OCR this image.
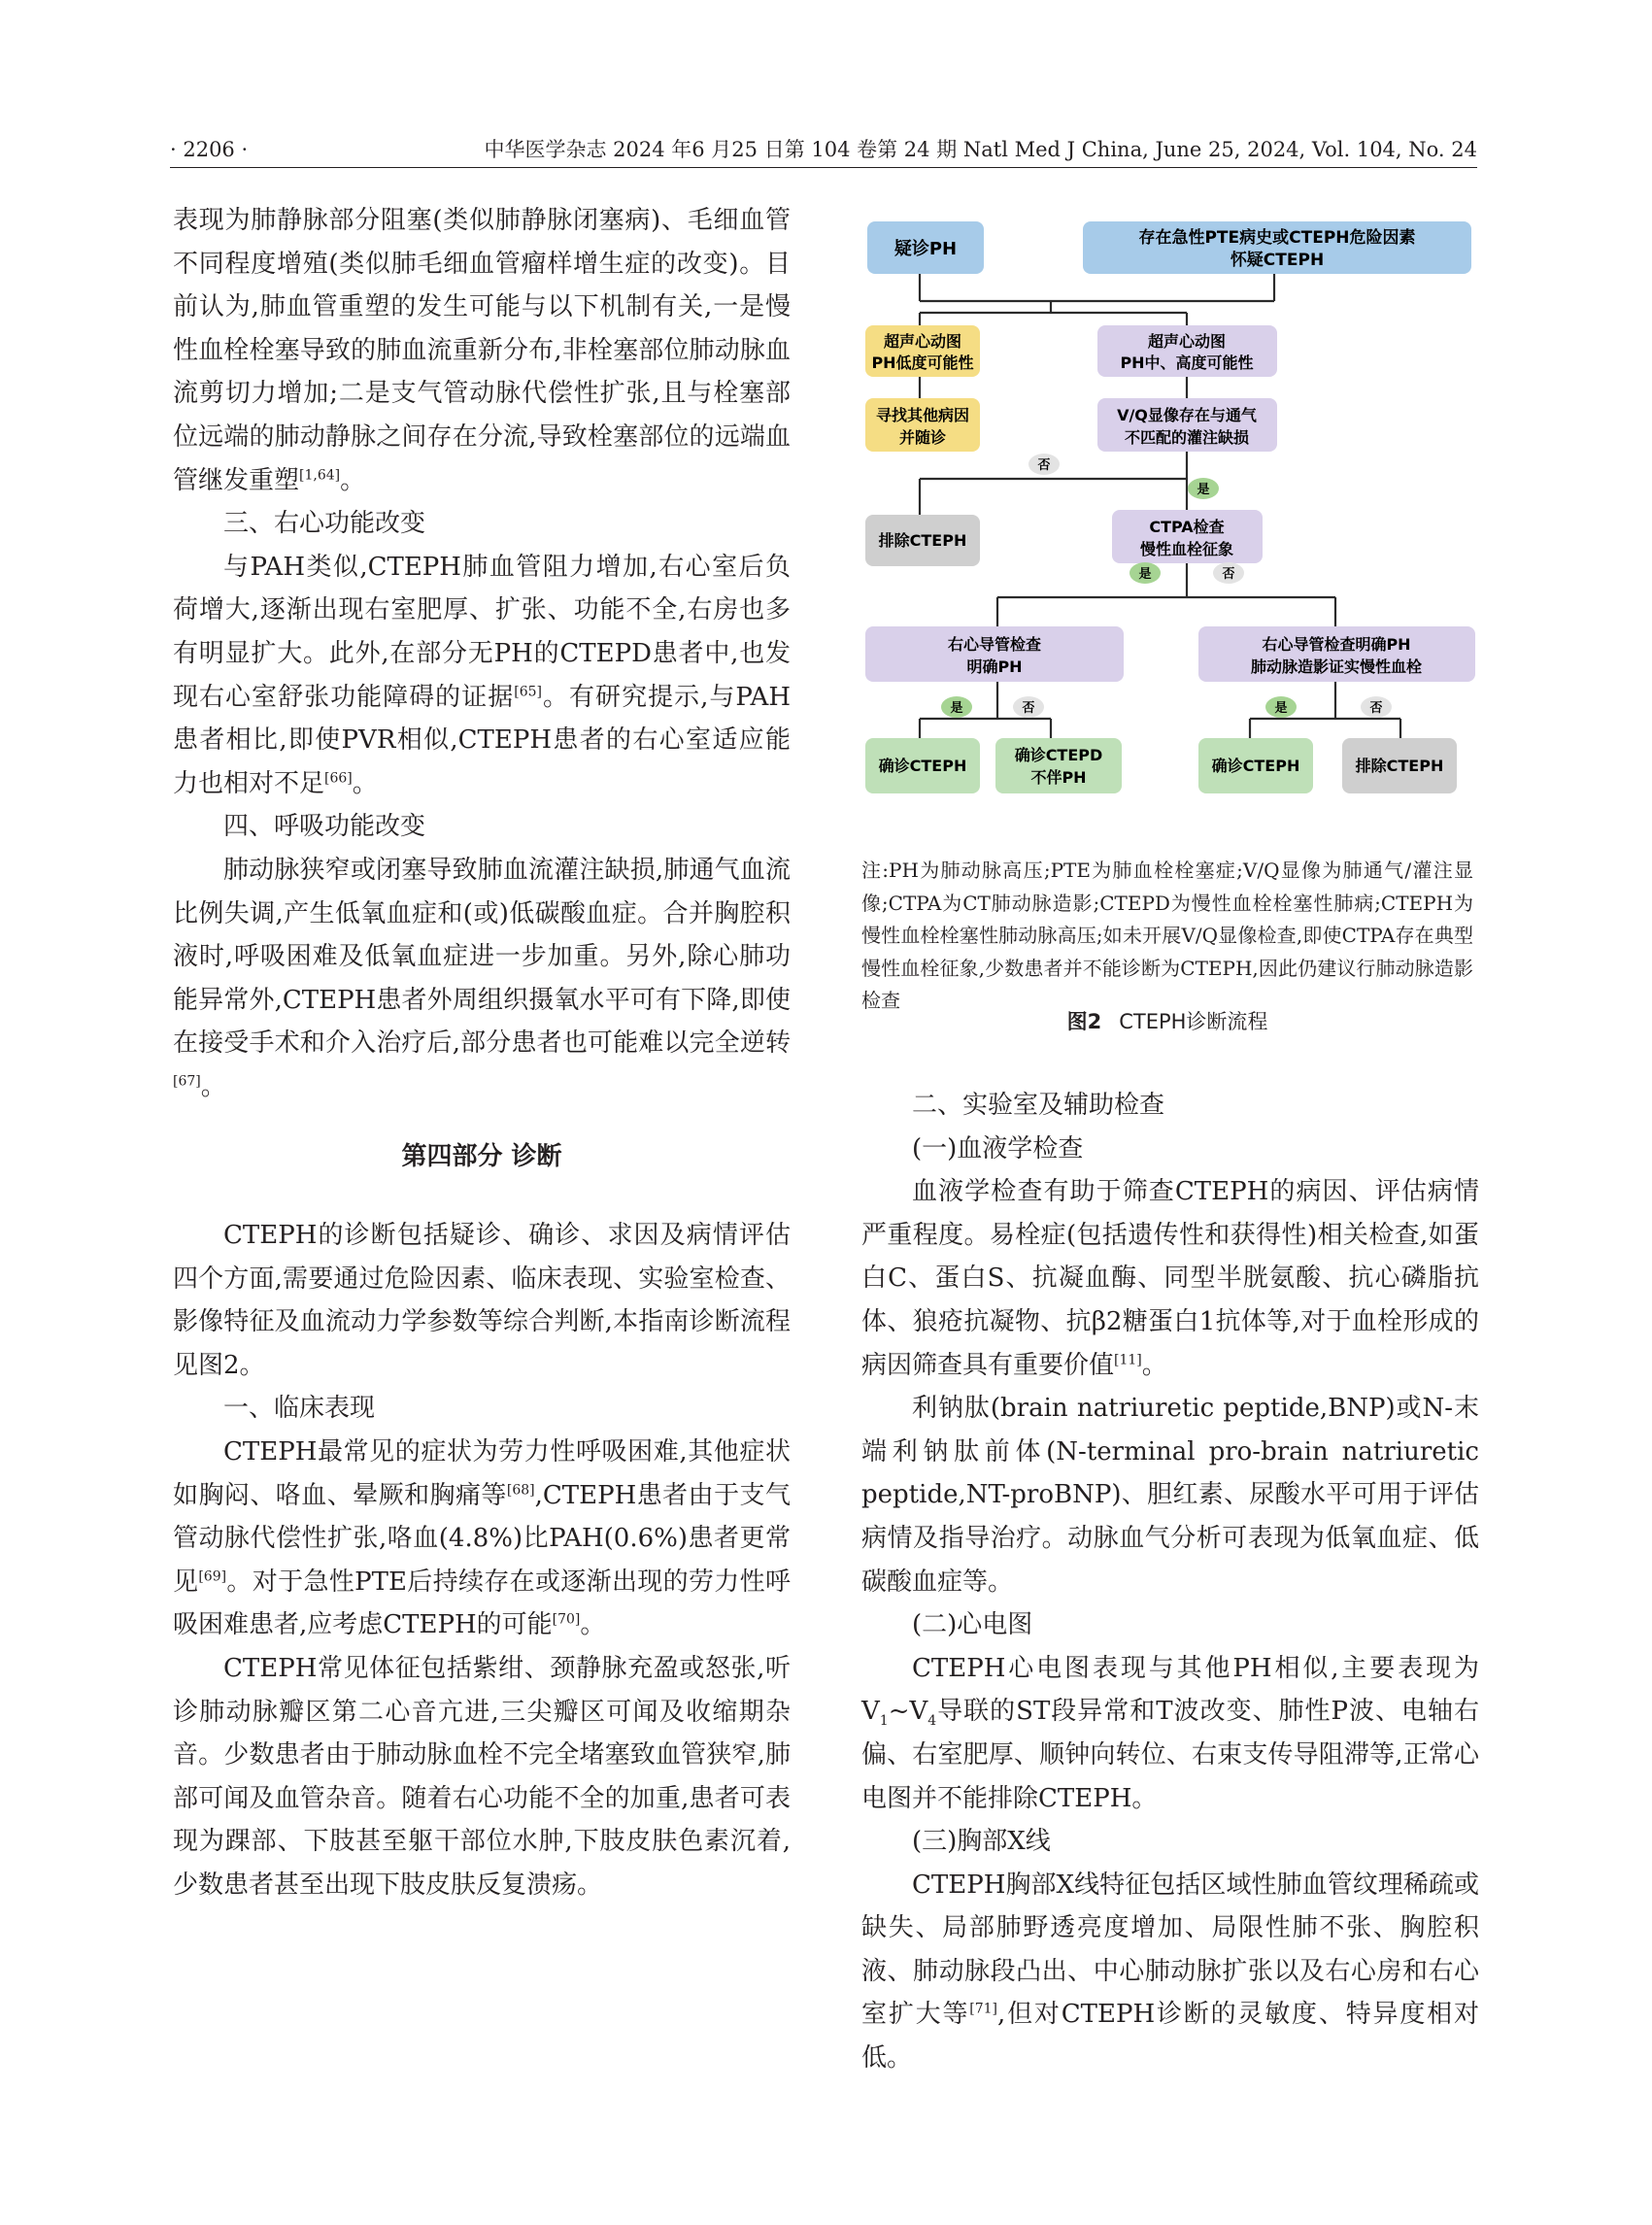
· 2206 ·	中华医学杂志 2024 年6 月25 日第 104 卷第 24 期 Natl Med J China, June 25, 2024, Vol. 104, No. 24

表现为肺静脉部分阻塞(类似肺静脉闭塞病)、毛细血管不同程度增殖(类似肺毛细血管瘤样增生症的改变)。目前认为,肺血管重塑的发生可能与以下机制有关,一是慢性血栓栓塞导致的肺血流重新分布,非栓塞部位肺动脉血流剪切力增加;二是支气管动脉代偿性扩张,且与栓塞部位远端的肺动静脉之间存在分流,导致栓塞部位的远端血管继发重塑[1,64]。

三、右心功能改变

与PAH类似,CTEPH肺血管阻力增加,右心室后负荷增大,逐渐出现右室肥厚、扩张、功能不全,右房也多有明显扩大。此外,在部分无PH的CTEPD患者中,也发现右心室舒张功能障碍的证据[65]。有研究提示,与PAH患者相比,即使PVR相似,CTEPH患者的右心室适应能力也相对不足[66]。

四、呼吸功能改变

肺动脉狭窄或闭塞导致肺血流灌注缺损,肺通气血流比例失调,产生低氧血症和(或)低碳酸血症。合并胸腔积液时,呼吸困难及低氧血症进一步加重。另外,除心肺功能异常外,CTEPH患者外周组织摄氧水平可有下降,即使在接受手术和介入治疗后,部分患者也可能难以完全逆转[67]。

第四部分 诊断

CTEPH的诊断包括疑诊、确诊、求因及病情评估四个方面,需要通过危险因素、临床表现、实验室检查、影像特征及血流动力学参数等综合判断,本指南诊断流程见图2。

一、临床表现

CTEPH最常见的症状为劳力性呼吸困难,其他症状如胸闷、咯血、晕厥和胸痛等[68],CTEPH患者由于支气管动脉代偿性扩张,咯血(4.8%)比PAH(0.6%)患者更常见[69]。对于急性PTE后持续存在或逐渐出现的劳力性呼吸困难患者,应考虑CTEPH的可能[70]。

CTEPH常见体征包括紫绀、颈静脉充盈或怒张,听诊肺动脉瓣区第二心音亢进,三尖瓣区可闻及收缩期杂音。少数患者由于肺动脉血栓不完全堵塞致血管狭窄,肺部可闻及血管杂音。随着右心功能不全的加重,患者可表现为踝部、下肢甚至躯干部位水肿,下肢皮肤色素沉着,少数患者甚至出现下肢皮肤反复溃疡。

疑诊PH
存在急性PTE病史或CTEPH危险因素
怀疑CTEPH
超声心动图
PH低度可能性
超声心动图
PH中、高度可能性
寻找其他病因
并随诊
V/Q显像存在与通气
不匹配的灌注缺损
否
是
排除CTEPH
CTPA检查
慢性血栓征象
是	否
右心导管检查
明确PH
右心导管检查明确PH
肺动脉造影证实慢性血栓
是	否	是	否
确诊CTEPH
确诊CTEPD
不伴PH
确诊CTEPH	排除CTEPH

注:PH为肺动脉高压;PTE为肺血栓栓塞症;V/Q显像为肺通气/灌注显像;CTPA为CT肺动脉造影;CTEPD为慢性血栓栓塞性肺病;CTEPH为慢性血栓栓塞性肺动脉高压;如未开展V/Q显像检查,即使CTPA存在典型慢性血栓征象,少数患者并不能诊断为CTEPH,因此仍建议行肺动脉造影检查

图2 CTEPH诊断流程

二、实验室及辅助检查

(一)血液学检查

血液学检查有助于筛查CTEPH的病因、评估病情严重程度。易栓症(包括遗传性和获得性)相关检查,如蛋白C、蛋白S、抗凝血酶、同型半胱氨酸、抗心磷脂抗体、狼疮抗凝物、抗β2糖蛋白1抗体等,对于血栓形成的病因筛查具有重要价值[11]。

利钠肽(brain natriuretic peptide,BNP)或N-末端利钠肽前体(N-terminal pro-brain natriuretic peptide,NT-proBNP)、胆红素、尿酸水平可用于评估病情及指导治疗。动脉血气分析可表现为低氧血症、低碳酸血症等。

(二)心电图

CTEPH心电图表现与其他PH相似,主要表现为$V_1\sim V_4$导联的ST段异常和T波改变、肺性P波、电轴右偏、右室肥厚、顺钟向转位、右束支传导阻滞等,正常心电图并不能排除CTEPH。

(三)胸部X线

CTEPH胸部X线特征包括区域性肺血管纹理稀疏或缺失、局部肺野透亮度增加、局限性肺不张、胸腔积液、肺动脉段凸出、中心肺动脉扩张以及右心房和右心室扩大等[71],但对CTEPH诊断的灵敏度、特异度相对低。
